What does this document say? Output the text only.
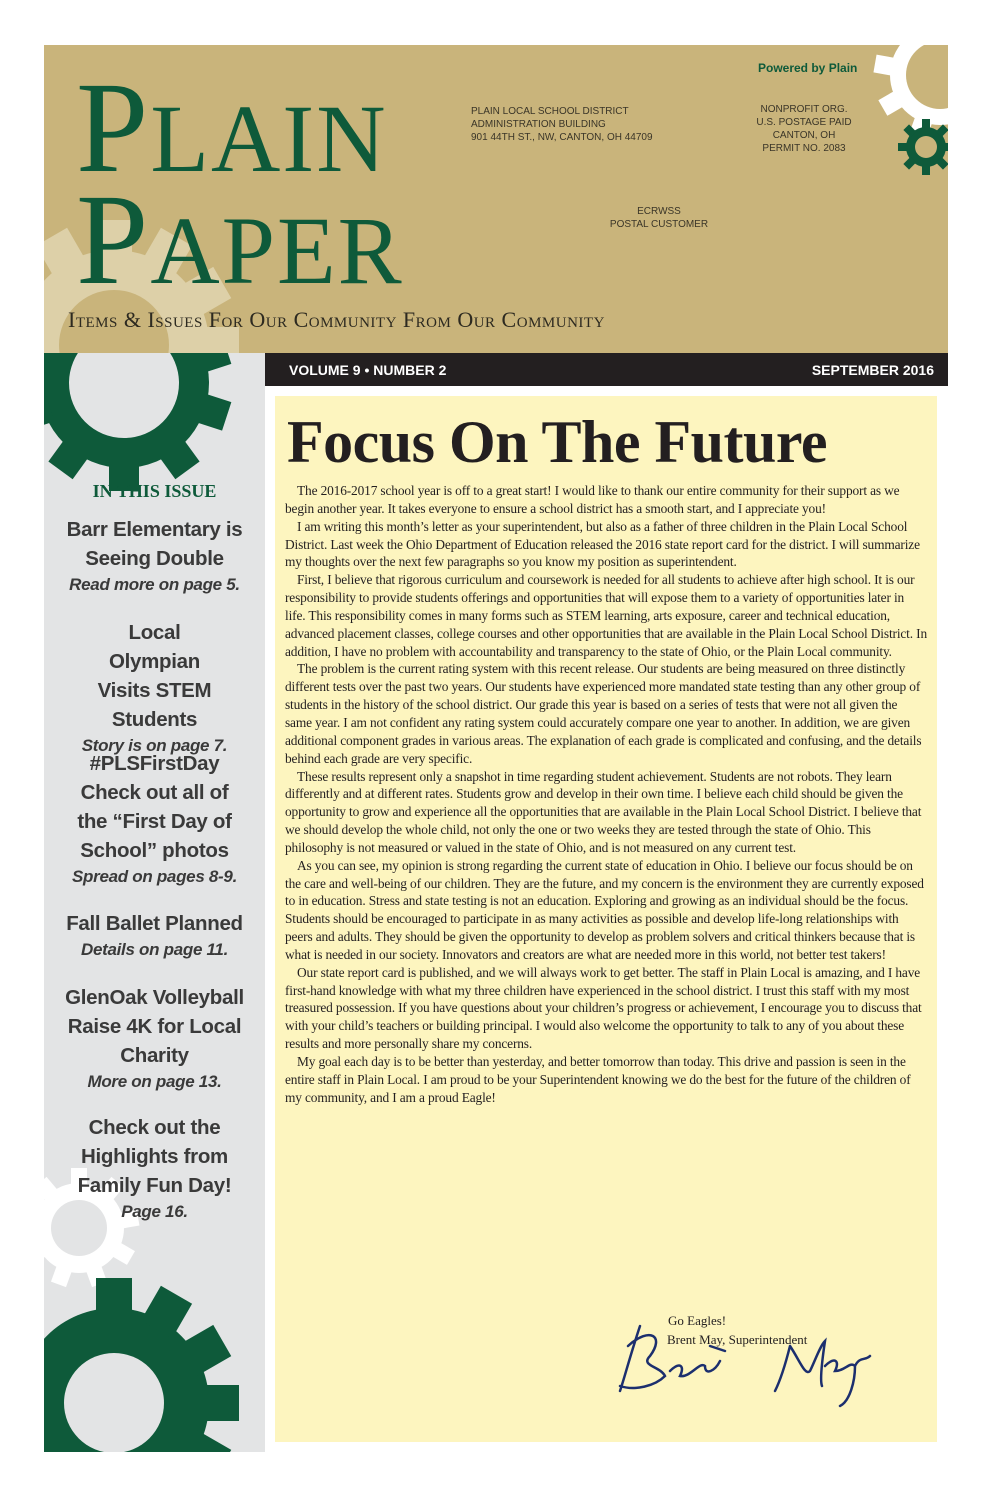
PLAIN
PAPER
Powered by Plain
PLAIN LOCAL SCHOOL DISTRICT
ADMINISTRATION BUILDING
901 44TH ST., NW, CANTON, OH 44709
NONPROFIT ORG.
U.S. POSTAGE PAID
CANTON, OH
PERMIT NO. 2083
ECRWSS
POSTAL CUSTOMER
Items & Issues For Our Community From Our Community
IN THIS ISSUE
Barr Elementary is Seeing Double
Read more on page 5.
Local Olympian Visits STEM Students
Story is on page 7.
#PLSFirstDay Check out all of the “First Day of School” photos
Spread on pages 8-9.
Fall Ballet Planned
Details on page 11.
GlenOak Volleyball Raise 4K for Local Charity
More on page 13.
Check out the Highlights from Family Fun Day!
Page 16.
VOLUME 9 • NUMBER 2	SEPTEMBER 2016
Focus On The Future

The 2016-2017 school year is off to a great start! I would like to thank our entire community for their support as we begin another year. It takes everyone to ensure a school district has a smooth start, and I appreciate you!

I am writing this month’s letter as your superintendent, but also as a father of three children in the Plain Local School District. Last week the Ohio Department of Education released the 2016 state report card for the district. I will summarize my thoughts over the next few paragraphs so you know my position as superintendent.

First, I believe that rigorous curriculum and coursework is needed for all students to achieve after high school. It is our responsibility to provide students offerings and opportunities that will expose them to a variety of opportunities later in life. This responsibility comes in many forms such as STEM learning, arts exposure, career and technical education, advanced placement classes, college courses and other opportunities that are available in the Plain Local School District. In addition, I have no problem with accountability and transparency to the state of Ohio, or the Plain Local community.

The problem is the current rating system with this recent release. Our students are being measured on three distinctly different tests over the past two years. Our students have experienced more mandated state testing than any other group of students in the history of the school district. Our grade this year is based on a series of tests that were not all given the same year. I am not confident any rating system could accurately compare one year to another. In addition, we are given additional component grades in various areas. The explanation of each grade is complicated and confusing, and the details behind each grade are very specific.

These results represent only a snapshot in time regarding student achievement. Students are not robots. They learn differently and at different rates. Students grow and develop in their own time. I believe each child should be given the opportunity to grow and experience all the opportunities that are available in the Plain Local School District. I believe that we should develop the whole child, not only the one or two weeks they are tested through the state of Ohio. This philosophy is not measured or valued in the state of Ohio, and is not measured on any current test.

As you can see, my opinion is strong regarding the current state of education in Ohio. I believe our focus should be on the care and well-being of our children. They are the future, and my concern is the environment they are currently exposed to in education. Stress and state testing is not an education. Exploring and growing as an individual should be the focus. Students should be encouraged to participate in as many activities as possible and develop life-long relationships with peers and adults. They should be given the opportunity to develop as problem solvers and critical thinkers because that is what is needed in our society. Innovators and creators are what are needed more in this world, not better test takers!

Our state report card is published, and we will always work to get better. The staff in Plain Local is amazing, and I have first-hand knowledge with what my three children have experienced in the school district. I trust this staff with my most treasured possession. If you have questions about your children’s progress or achievement, I encourage you to discuss that with your child’s teachers or building principal. I would also welcome the opportunity to talk to any of you about these results and more personally share my concerns.

My goal each day is to be better than yesterday, and better tomorrow than today. This drive and passion is seen in the entire staff in Plain Local. I am proud to be your Superintendent knowing we do the best for the future of the children of my community, and I am a proud Eagle!

Go Eagles!
Brent May, Superintendent
